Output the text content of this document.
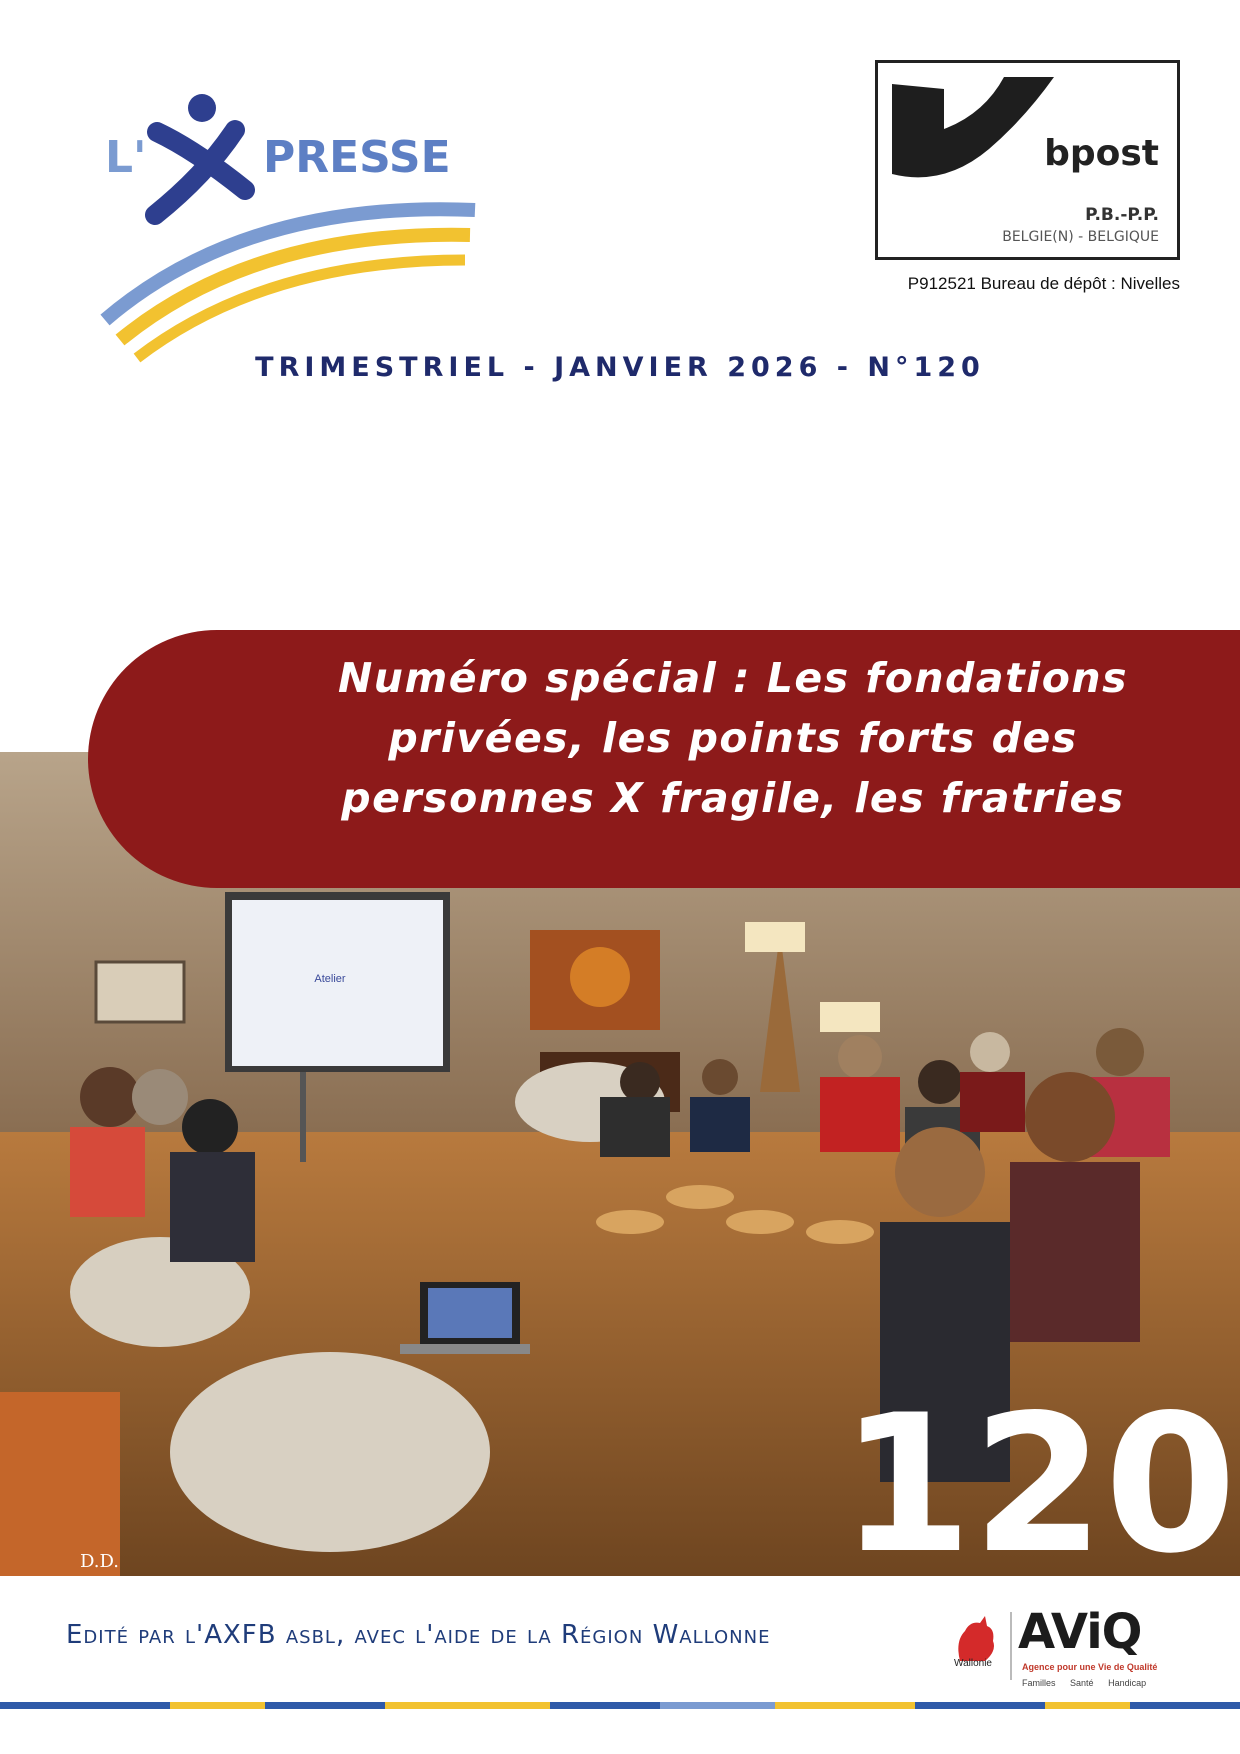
L'	PRESSE	bpost
P.B.-P.P.
BELGIE(N) - BELGIQUE
P912521 Bureau de dépôt : Nivelles
TRIMESTRIEL - JANVIER 2026 - N°120
Atelier
120
D.D.
Numéro spécial : Les fondations privées, les points forts des personnes X fragile, les fratries
Edité par l'AXFB asbl, avec l'aide de la Région Wallonne
Wallonie
AViQ
Agence pour une Vie de Qualité
Familles Santé Handicap
